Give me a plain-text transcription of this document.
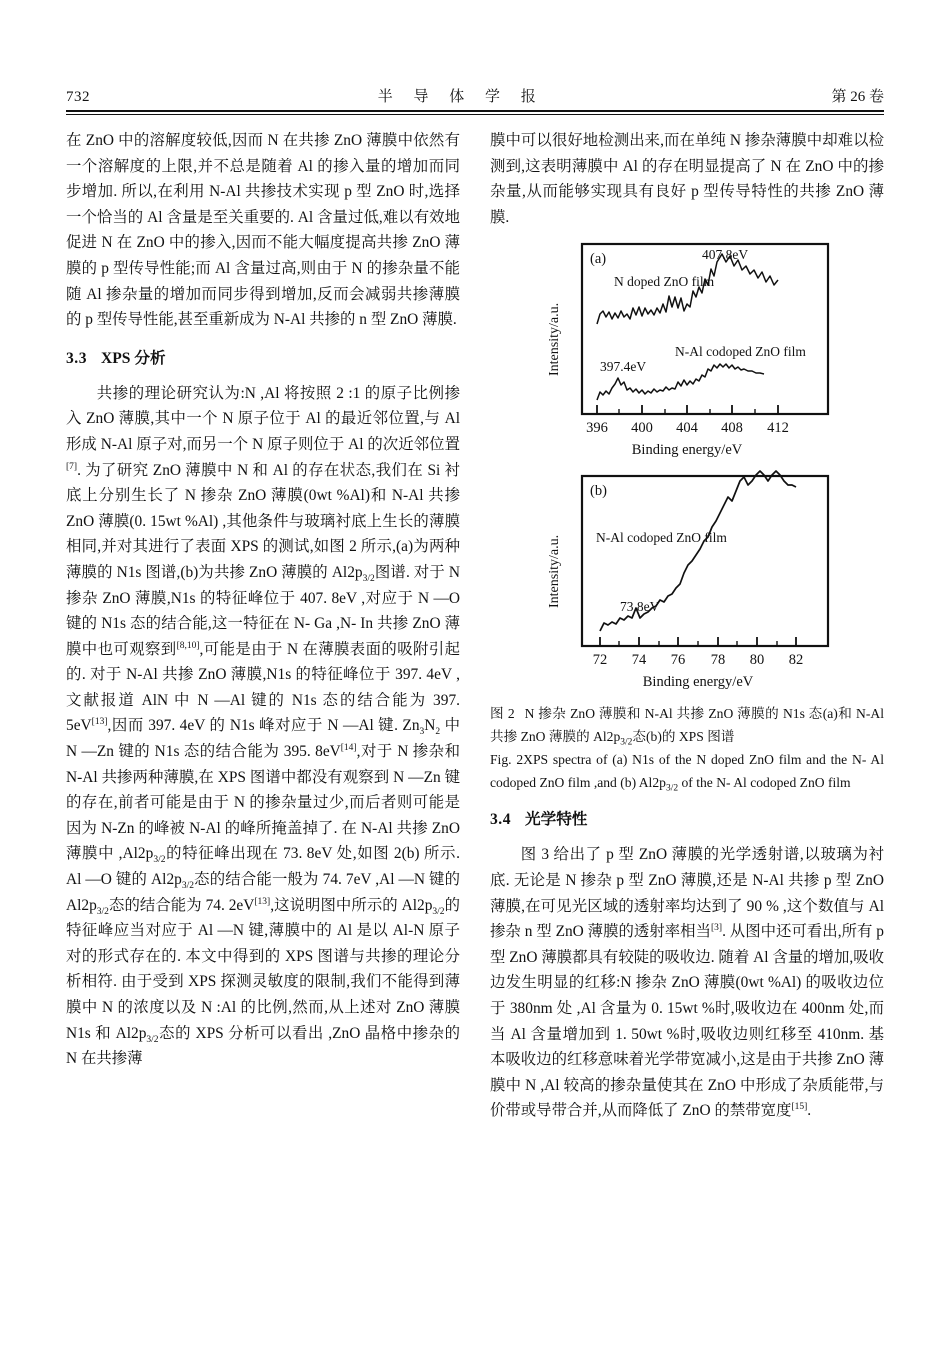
732	半 导 体 学 报	第 26 卷

在 ZnO 中的溶解度较低,因而 N 在共掺 ZnO 薄膜中依然有一个溶解度的上限,并不总是随着 Al 的掺入量的增加而同步增加. 所以,在利用 N-Al 共掺技术实现 p 型 ZnO 时,选择一个恰当的 Al 含量是至关重要的. Al 含量过低,难以有效地促进 N 在 ZnO 中的掺入,因而不能大幅度提高共掺 ZnO 薄膜的 p 型传导性能;而 Al 含量过高,则由于 N 的掺杂量不能随 Al 掺杂量的增加而同步得到增加,反而会减弱共掺薄膜的 p 型传导性能,甚至重新成为 N-Al 共掺的 n 型 ZnO 薄膜.

3.3 XPS 分析

共掺的理论研究认为:N ,Al 将按照 2 :1 的原子比例掺入 ZnO 薄膜,其中一个 N 原子位于 Al 的最近邻位置,与 Al 形成 N-Al 原子对,而另一个 N 原子则位于 Al 的次近邻位置[7]. 为了研究 ZnO 薄膜中 N 和 Al 的存在状态,我们在 Si 衬底上分别生长了 N 掺杂 ZnO 薄膜(0wt %Al)和 N-Al 共掺 ZnO 薄膜(0. 15wt %Al) ,其他条件与玻璃衬底上生长的薄膜相同,并对其进行了表面 XPS 的测试,如图 2 所示,(a)为两种薄膜的 N1s 图谱,(b)为共掺 ZnO 薄膜的 $Al2p_{3/2}$图谱. 对于 N 掺杂 ZnO 薄膜,N1s 的特征峰位于 407. 8eV ,对应于 N —O 键的 N1s 态的结合能,这一特征在 N- Ga ,N- In 共掺 ZnO 薄膜中也可观察到[8,10],可能是由于 N 在薄膜表面的吸附引起的. 对于 N-Al 共掺 ZnO 薄膜,N1s 的特征峰位于 397. 4eV ,文献报道 AlN 中 N —Al 键的 N1s 态的结合能为 397. 5eV[13],因而 397. 4eV 的 N1s 峰对应于 N —Al 键. $Zn_3N_2$ 中 N —Zn 键的 N1s 态的结合能为 395. 8eV[14],对于 N 掺杂和 N-Al 共掺两种薄膜,在 XPS 图谱中都没有观察到 N —Zn 键的存在,前者可能是由于 N 的掺杂量过少,而后者则可能是因为 N-Zn 的峰被 N-Al 的峰所掩盖掉了. 在 N-Al 共掺 ZnO 薄膜中 $,Al2p_{3/2}$的特征峰出现在 73. 8eV 处,如图 2(b) 所示. Al —O 键的 $Al2p_{3/2}$态的结合能一般为 74. 7eV ,Al —N 键的 $Al2p_{3/2}$态的结合能为 74. 2eV[13],这说明图中所示的 $Al2p_{3/2}$的特征峰应当对应于 Al —N 键,薄膜中的 Al 是以 Al-N 原子对的形式存在的. 本文中得到的 XPS 图谱与共掺的理论分析相符. 由于受到 XPS 探测灵敏度的限制,我们不能得到薄膜中 N 的浓度以及 N :Al 的比例,然而,从上述对 ZnO 薄膜 N1s 和 $Al2p_{3/2}$态的 XPS 分析可以看出 ,ZnO 晶格中掺杂的 N 在共掺薄

膜中可以很好地检测出来,而在单纯 N 掺杂薄膜中却难以检测到,这表明薄膜中 Al 的存在明显提高了 N 在 ZnO 中的掺杂量,从而能够实现具有良好 p 型传导特性的共掺 ZnO 薄膜.

(a)
Intensity/a.u.
N doped ZnO film
407.8eV
N-Al codoped ZnO film
397.4eV
396 400 404 408 412
Binding energy/eV
(b)
Intensity/a.u.	N-Al codoped ZnO film
73.8eV
72 74 76 78 80 82
Binding energy/eV
图 2 N 掺杂 ZnO 薄膜和 N-Al 共掺 ZnO 薄膜的 N1s 态(a)和 N-Al 共掺 ZnO 薄膜的 $Al2p_{3/2}$态(b)的 XPS 图谱
Fig. 2XPS spectra of (a) N1s of the N doped ZnO film and the N- Al codoped ZnO film ,and (b) $Al2p_{3/2}$ of the N- Al codoped ZnO film
3.4 光学特性

图 3 给出了 p 型 ZnO 薄膜的光学透射谱,以玻璃为衬底. 无论是 N 掺杂 p 型 ZnO 薄膜,还是 N-Al 共掺 p 型 ZnO 薄膜,在可见光区域的透射率均达到了 90 % ,这个数值与 Al 掺杂 n 型 ZnO 薄膜的透射率相当[3]. 从图中还可看出,所有 p 型 ZnO 薄膜都具有较陡的吸收边. 随着 Al 含量的增加,吸收边发生明显的红移:N 掺杂 ZnO 薄膜(0wt %Al) 的吸收边位于 380nm 处 ,Al 含量为 0. 15wt %时,吸收边在 400nm 处,而当 Al 含量增加到 1. 50wt %时,吸收边则红移至 410nm. 基本吸收边的红移意味着光学带宽减小,这是由于共掺 ZnO 薄膜中 N ,Al 较高的掺杂量使其在 ZnO 中形成了杂质能带,与价带或导带合并,从而降低了 ZnO 的禁带宽度[15].
